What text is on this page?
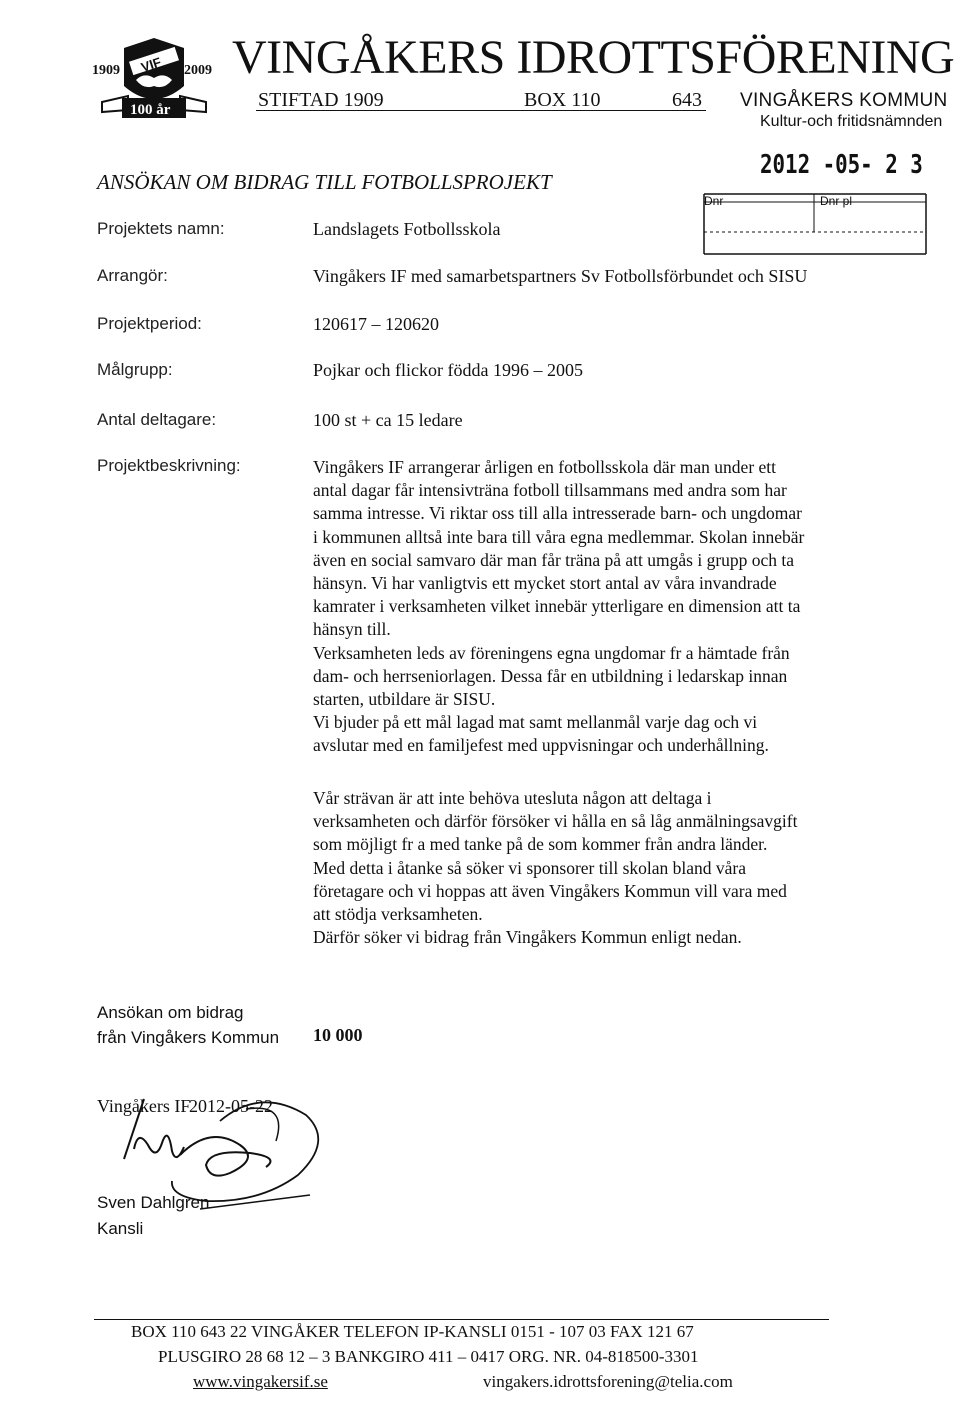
1909	2009
VIF
100 år
VINGÅKERS IDROTTSFÖRENING
STIFTAD 1909	BOX 110	643 VINGÅKERS KOMMUN
Kultur-och fritidsnämnden
2012 -05- 2 3
Dnr	Dnr pl
ANSÖKAN OM BIDRAG TILL FOTBOLLSPROJEKT
Projektets namn:	Landslagets Fotbollsskola
Arrangör:	Vingåkers IF med samarbetspartners Sv Fotbollsförbundet och SISU
Projektperiod:	120617 – 120620
Målgrupp:	Pojkar och flickor födda 1996 – 2005
Antal deltagare:	100 st + ca 15 ledare
Projektbeskrivning:	Vingåkers IF arrangerar årligen en fotbollsskola där man under ett

antal dagar får intensivträna fotboll tillsammans med andra som har

samma intresse. Vi riktar oss till alla intresserade barn- och ungdomar

i kommunen alltså inte bara till våra egna medlemmar. Skolan innebär

även en social samvaro där man får träna på att umgås i grupp och ta

hänsyn. Vi har vanligtvis ett mycket stort antal av våra invandrade

kamrater i verksamheten vilket innebär ytterligare en dimension att ta

hänsyn till.

Verksamheten leds av föreningens egna ungdomar fr a hämtade från

dam- och herrseniorlagen. Dessa får en utbildning i ledarskap innan

starten, utbildare är SISU.

Vi bjuder på ett mål lagad mat samt mellanmål varje dag och vi

avslutar med en familjefest med uppvisningar och underhållning.

Vår strävan är att inte behöva utesluta någon att deltaga i

verksamheten och därför försöker vi hålla en så låg anmälningsavgift

som möjligt fr a med tanke på de som kommer från andra länder.

Med detta i åtanke så söker vi sponsorer till skolan bland våra

företagare och vi hoppas att även Vingåkers Kommun vill vara med

att stödja verksamheten.

Därför söker vi bidrag från Vingåkers Kommun enligt nedan.

Ansökan om bidrag
från Vingåkers Kommun 10 000
Vingåkers IF
2012-05-22
Sven Dahlgren
Kansli
BOX 110 643 22 VINGÅKER TELEFON IP-KANSLI 0151 - 107 03 FAX 121 67
PLUSGIRO 28 68 12 – 3 BANKGIRO 411 – 0417 ORG. NR. 04-818500-3301
www.vingakersif.se	vingakers.idrottsforening@telia.com
